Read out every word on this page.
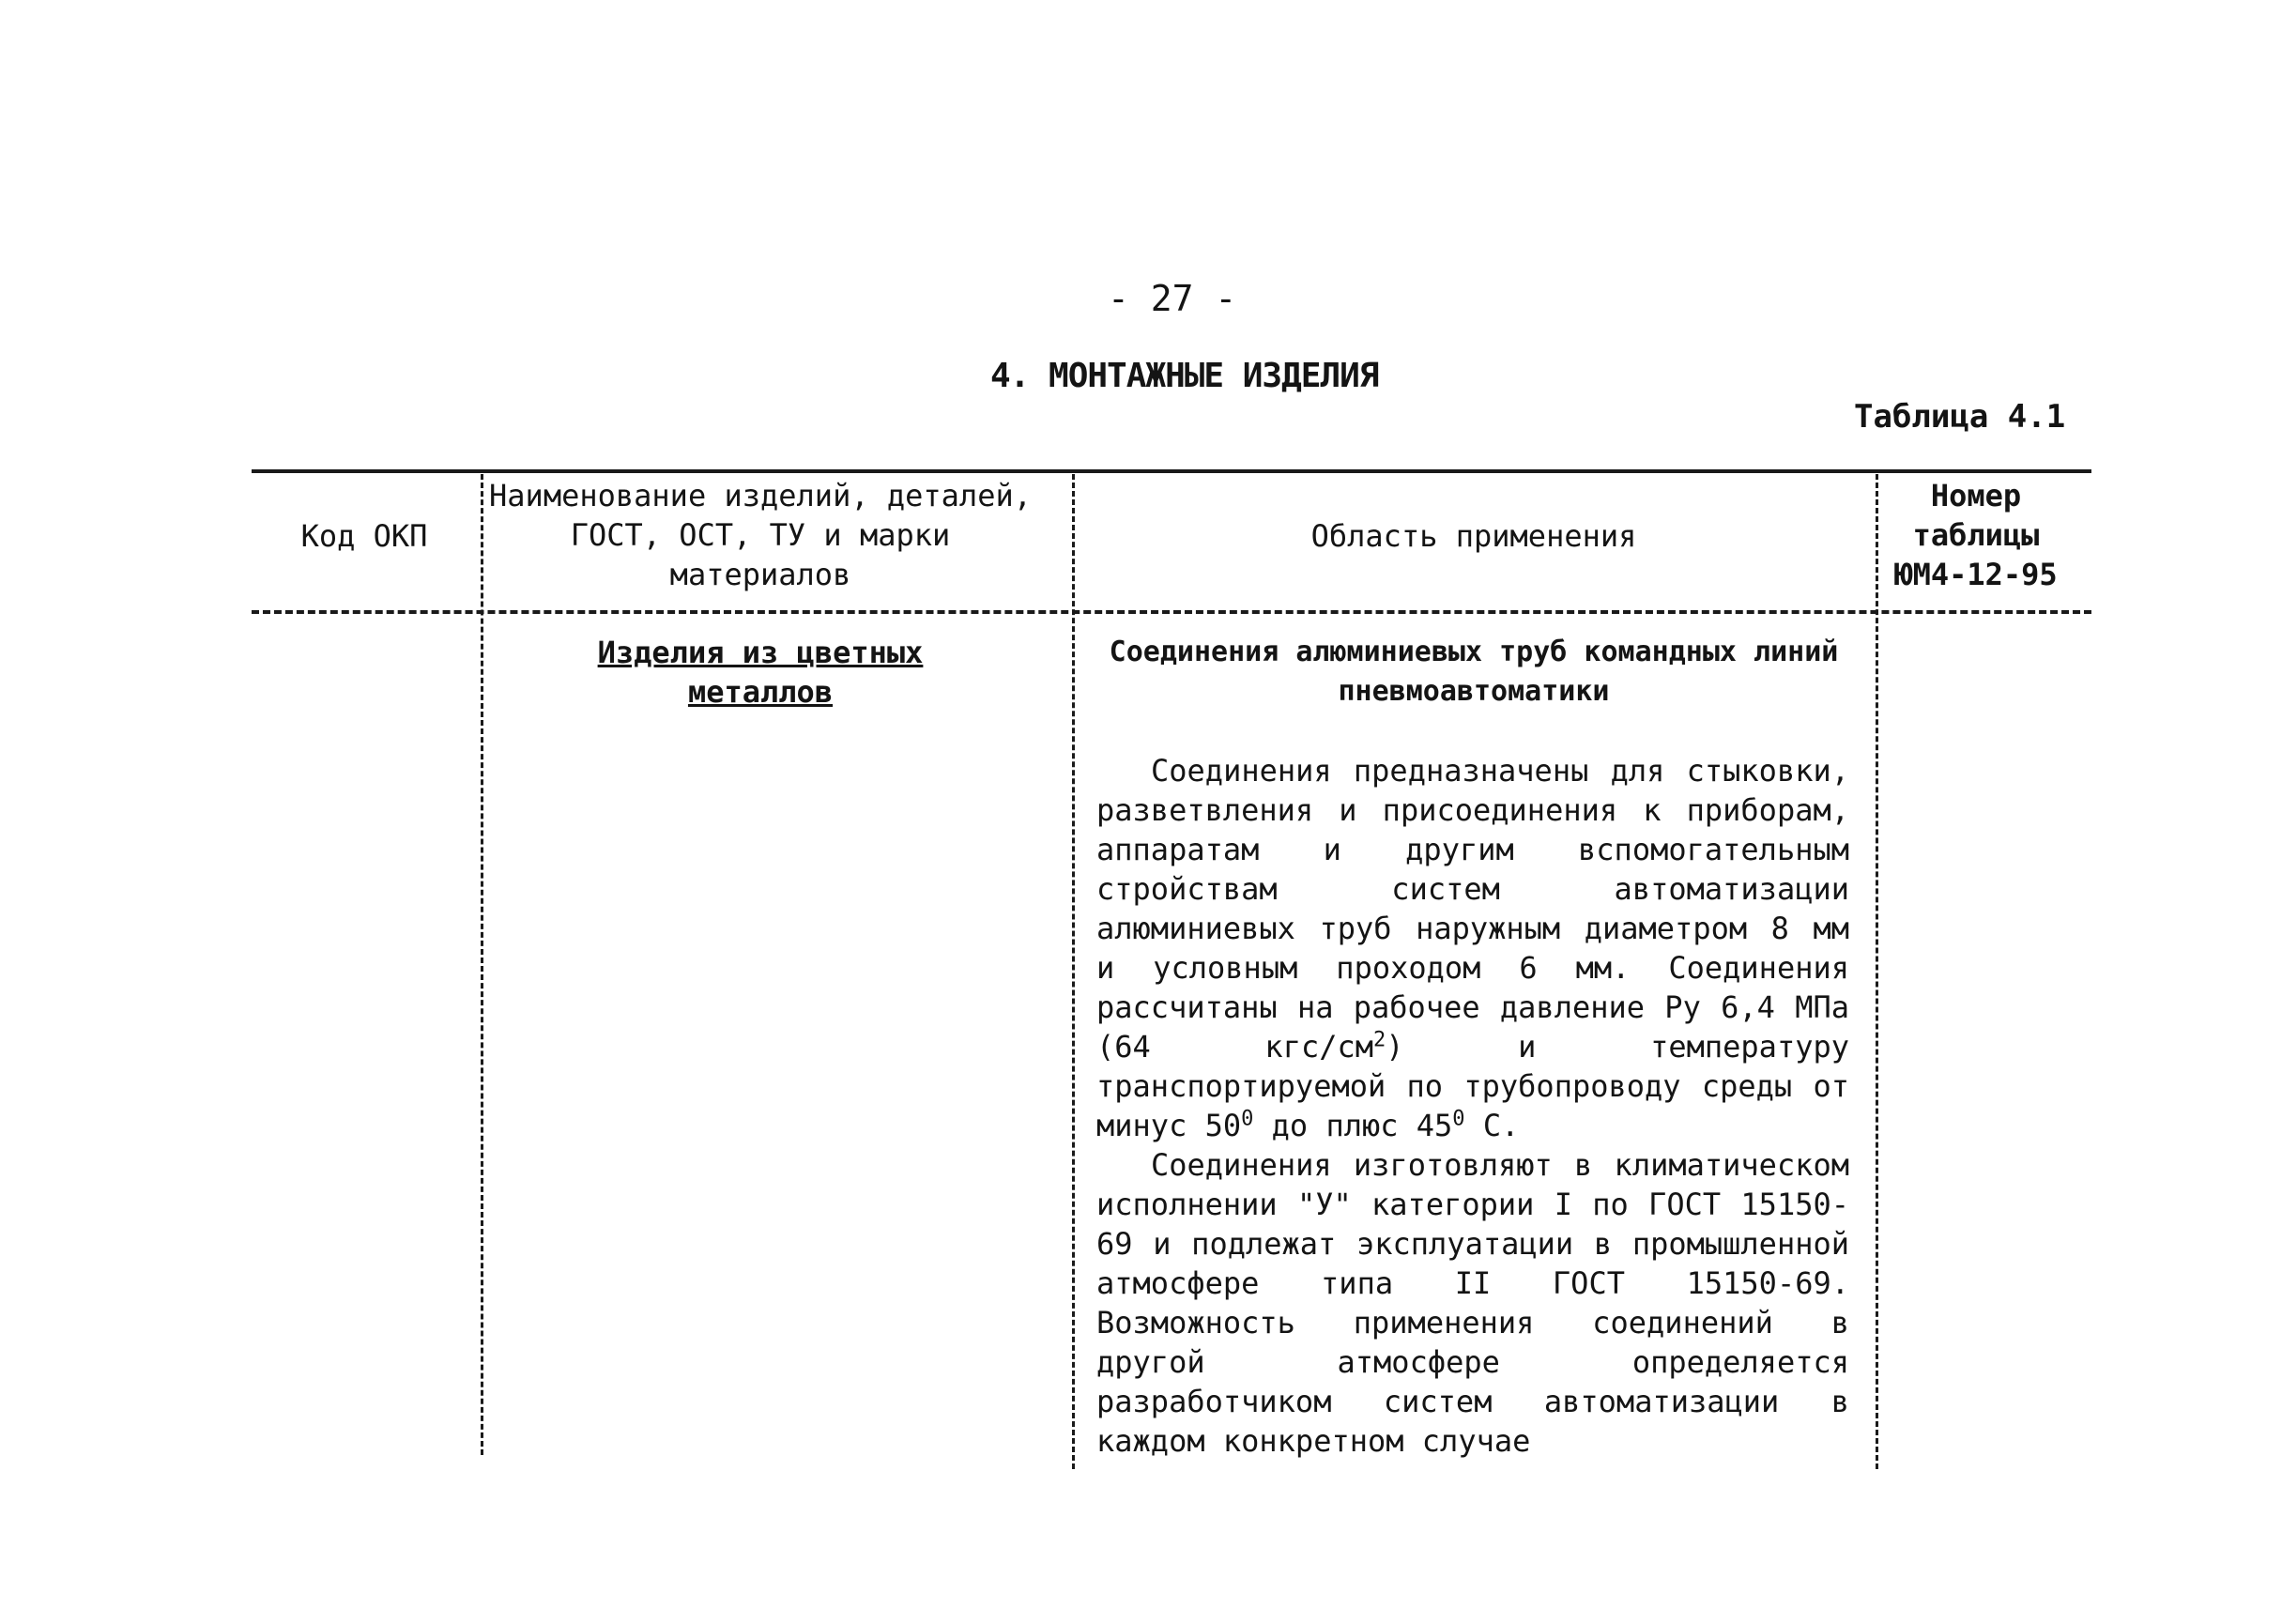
- 27 -
4. МОНТАЖНЫЕ ИЗДЕЛИЯ
Таблица 4.1
Код ОКП
Наименование изделий, деталей, ГОСТ, ОСТ, ТУ и марки материалов
Область применения
Номер таблицы ЮМ4-12-95
Изделия из цветных металлов
Соединения алюминиевых труб командных линий пневмоавтоматики

Соединения предназначены для стыковки, разветвления и присоединения к приборам, аппаратам и другим вспомогательным стройствам систем автоматизации алюминиевых труб наружным диаметром 8 мм и условным проходом 6 мм. Соединения рассчитаны на рабочее давление Ру 6,4 МПа (64 кгс/$см^2$) и температуру транспортируемой по трубопроводу среды от минус $50^0$ до плюс $45^0$ С.

Соединения изготовляют в климатическом исполнении "У" категории I по ГОСТ 15150-69 и подлежат эксплуатации в промышленной атмосфере типа II ГОСТ 15150-69. Возможность применения соединений в другой атмосфере определяется разработчиком систем автоматизации в каждом конкретном случае
